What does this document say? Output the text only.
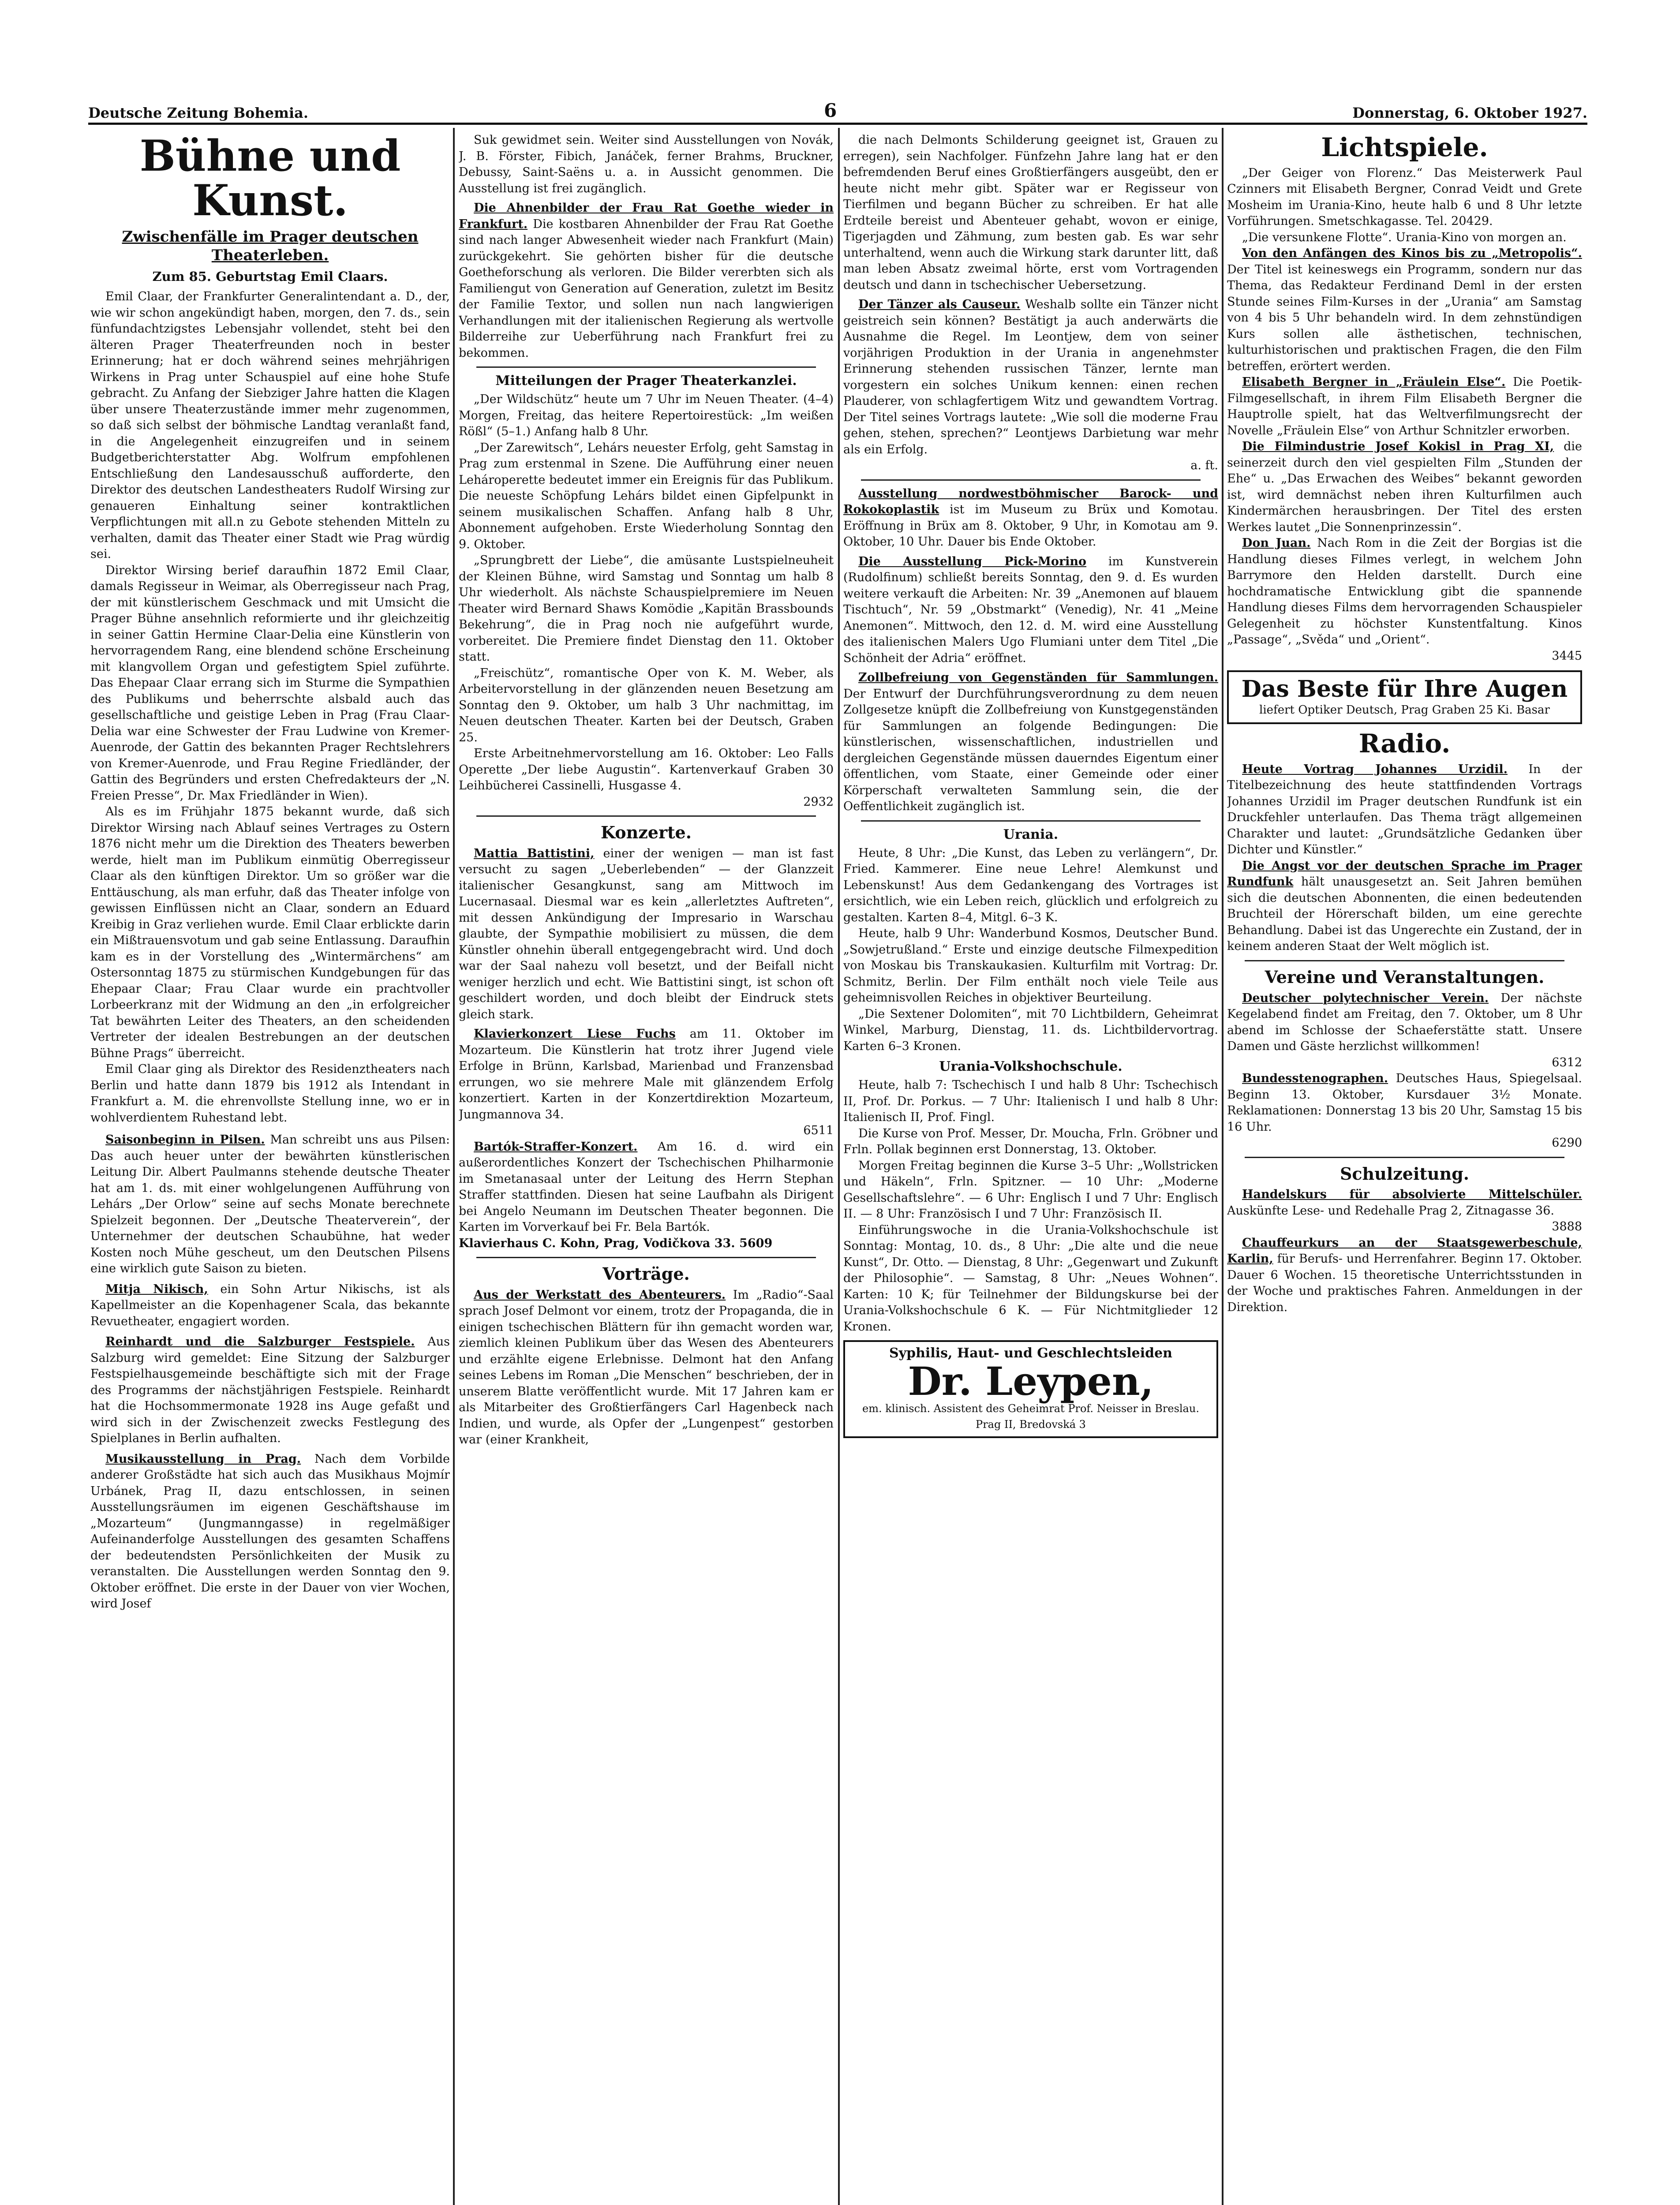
Deutsche Zeitung Bohemia.	6	Donnerstag, 6. Oktober 1927.
Bühne und Kunst.
Zwischenfälle im Prager deutschen Theaterleben.
Zum 85. Geburtstag Emil Claars.

Emil Claar, der Frankfurter Generalintendant a. D., der, wie wir schon angekündigt haben, morgen, den 7. ds., sein fünfundachtzigstes Lebensjahr vollendet, steht bei den älteren Prager Theaterfreunden noch in bester Erinnerung; hat er doch während seines mehrjährigen Wirkens in Prag unter Schauspiel auf eine hohe Stufe gebracht. Zu Anfang der Siebziger Jahre hatten die Klagen über unsere Theaterzustände immer mehr zugenommen, so daß sich selbst der böhmische Landtag veranlaßt fand, in die Angelegenheit einzugreifen und in seinem Budgetberichterstatter Abg. Wolfrum empfohlenen Entschließung den Landesausschuß aufforderte, den Direktor des deutschen Landestheaters Rudolf Wirsing zur genaueren Einhaltung seiner kontraktlichen Verpflichtungen mit all.n zu Gebote stehenden Mitteln zu verhalten, damit das Theater einer Stadt wie Prag würdig sei.

Direktor Wirsing berief daraufhin 1872 Emil Claar, damals Regisseur in Weimar, als Oberregisseur nach Prag, der mit künstlerischem Geschmack und mit Umsicht die Prager Bühne ansehnlich reformierte und ihr gleichzeitig in seiner Gattin Hermine Claar-Delia eine Künstlerin von hervorragendem Rang, eine blendend schöne Erscheinung mit klangvollem Organ und gefestigtem Spiel zuführte. Das Ehepaar Claar errang sich im Sturme die Sympathien des Publikums und beherrschte alsbald auch das gesellschaftliche und geistige Leben in Prag (Frau Claar-Delia war eine Schwester der Frau Ludwine von Kremer-Auenrode, der Gattin des bekannten Prager Rechtslehrers von Kremer-Auenrode, und Frau Regine Friedländer, der Gattin des Begründers und ersten Chefredakteurs der „N. Freien Presse“, Dr. Max Friedländer in Wien).

Als es im Frühjahr 1875 bekannt wurde, daß sich Direktor Wirsing nach Ablauf seines Vertrages zu Ostern 1876 nicht mehr um die Direktion des Theaters bewerben werde, hielt man im Publikum einmütig Oberregisseur Claar als den künftigen Direktor. Um so größer war die Enttäuschung, als man erfuhr, daß das Theater infolge von gewissen Einflüssen nicht an Claar, sondern an Eduard Kreibig in Graz verliehen wurde. Emil Claar erblickte darin ein Mißtrauensvotum und gab seine Entlassung. Daraufhin kam es in der Vorstellung des „Wintermärchens“ am Ostersonntag 1875 zu stürmischen Kundgebungen für das Ehepaar Claar; Frau Claar wurde ein prachtvoller Lorbeerkranz mit der Widmung an den „in erfolgreicher Tat bewährten Leiter des Theaters, an den scheidenden Vertreter der idealen Bestrebungen an der deutschen Bühne Prags“ überreicht.

Emil Claar ging als Direktor des Residenztheaters nach Berlin und hatte dann 1879 bis 1912 als Intendant in Frankfurt a. M. die ehrenvollste Stellung inne, wo er in wohlverdientem Ruhestand lebt.

Saisonbeginn in Pilsen. Man schreibt uns aus Pilsen: Das auch heuer unter der bewährten künstlerischen Leitung Dir. Albert Paulmanns stehende deutsche Theater hat am 1. ds. mit einer wohlgelungenen Aufführung von Lehárs „Der Orlow“ seine auf sechs Monate berechnete Spielzeit begonnen. Der „Deutsche Theaterverein“, der Unternehmer der deutschen Schaubühne, hat weder Kosten noch Mühe gescheut, um den Deutschen Pilsens eine wirklich gute Saison zu bieten.

Mitja Nikisch, ein Sohn Artur Nikischs, ist als Kapellmeister an die Kopenhagener Scala, das bekannte Revuetheater, engagiert worden.

Reinhardt und die Salzburger Festspiele. Aus Salzburg wird gemeldet: Eine Sitzung der Salzburger Festspielhausgemeinde beschäftigte sich mit der Frage des Programms der nächstjährigen Festspiele. Reinhardt hat die Hochsommermonate 1928 ins Auge gefaßt und wird sich in der Zwischenzeit zwecks Festlegung des Spielplanes in Berlin aufhalten.

Musikausstellung in Prag. Nach dem Vorbilde anderer Großstädte hat sich auch das Musikhaus Mojmír Urbánek, Prag II, dazu entschlossen, in seinen Ausstellungsräumen im eigenen Geschäftshause im „Mozarteum“ (Jungmanngasse) in regelmäßiger Aufeinanderfolge Ausstellungen des gesamten Schaffens der bedeutendsten Persönlichkeiten der Musik zu veranstalten. Die Ausstellungen werden Sonntag den 9. Oktober eröffnet. Die erste in der Dauer von vier Wochen, wird Josef

Suk gewidmet sein. Weiter sind Ausstellungen von Novák, J. B. Förster, Fibich, Janáček, ferner Brahms, Bruckner, Debussy, Saint-Saëns u. a. in Aussicht genommen. Die Ausstellung ist frei zugänglich.

Die Ahnenbilder der Frau Rat Goethe wieder in Frankfurt. Die kostbaren Ahnenbilder der Frau Rat Goethe sind nach langer Abwesenheit wieder nach Frankfurt (Main) zurückgekehrt. Sie gehörten bisher für die deutsche Goetheforschung als verloren. Die Bilder vererbten sich als Familiengut von Generation auf Generation, zuletzt im Besitz der Familie Textor, und sollen nun nach langwierigen Verhandlungen mit der italienischen Regierung als wertvolle Bilderreihe zur Ueberführung nach Frankfurt frei zu bekommen.

Mitteilungen der Prager Theaterkanzlei.

„Der Wildschütz“ heute um 7 Uhr im Neuen Theater. (4–4) Morgen, Freitag, das heitere Repertoirestück: „Im weißen Rößl“ (5–1.) Anfang halb 8 Uhr.

„Der Zarewitsch“, Lehárs neuester Erfolg, geht Samstag in Prag zum erstenmal in Szene. Die Aufführung einer neuen Lehároperette bedeutet immer ein Ereignis für das Publikum. Die neueste Schöpfung Lehárs bildet einen Gipfelpunkt in seinem musikalischen Schaffen. Anfang halb 8 Uhr, Abonnement aufgehoben. Erste Wiederholung Sonntag den 9. Oktober.

„Sprungbrett der Liebe“, die amüsante Lustspielneuheit der Kleinen Bühne, wird Samstag und Sonntag um halb 8 Uhr wiederholt. Als nächste Schauspielpremiere im Neuen Theater wird Bernard Shaws Komödie „Kapitän Brassbounds Bekehrung“, die in Prag noch nie aufgeführt wurde, vorbereitet. Die Premiere findet Dienstag den 11. Oktober statt.

„Freischütz“, romantische Oper von K. M. Weber, als Arbeitervorstellung in der glänzenden neuen Besetzung am Sonntag den 9. Oktober, um halb 3 Uhr nachmittag, im Neuen deutschen Theater. Karten bei der Deutsch, Graben 25.

Erste Arbeitnehmervorstellung am 16. Oktober: Leo Falls Operette „Der liebe Augustin“. Kartenverkauf Graben 30 Leihbücherei Cassinelli, Husgasse 4.

2932
Konzerte.

Mattia Battistini, einer der wenigen — man ist fast versucht zu sagen „Ueberlebenden“ — der Glanzzeit italienischer Gesangkunst, sang am Mittwoch im Lucernasaal. Diesmal war es kein „allerletztes Auftreten“, mit dessen Ankündigung der Impresario in Warschau glaubte, der Sympathie mobilisiert zu müssen, die dem Künstler ohnehin überall entgegengebracht wird. Und doch war der Saal nahezu voll besetzt, und der Beifall nicht weniger herzlich und echt. Wie Battistini singt, ist schon oft geschildert worden, und doch bleibt der Eindruck stets gleich stark.

Klavierkonzert Liese Fuchs am 11. Oktober im Mozarteum. Die Künstlerin hat trotz ihrer Jugend viele Erfolge in Brünn, Karlsbad, Marienbad und Franzensbad errungen, wo sie mehrere Male mit glänzendem Erfolg konzertiert. Karten in der Konzertdirektion Mozarteum, Jungmannova 34.

6511

Bartók-Straffer-Konzert. Am 16. d. wird ein außerordentliches Konzert der Tschechischen Philharmonie im Smetanasaal unter der Leitung des Herrn Stephan Straffer stattfinden. Diesen hat seine Laufbahn als Dirigent bei Angelo Neumann im Deutschen Theater begonnen. Die Karten im Vorverkauf bei Fr. Bela Bartók.

Klavierhaus C. Kohn, Prag, Vodičkova 33. 5609

Vorträge.

Aus der Werkstatt des Abenteurers. Im „Radio“-Saal sprach Josef Delmont vor einem, trotz der Propaganda, die in einigen tschechischen Blättern für ihn gemacht worden war, ziemlich kleinen Publikum über das Wesen des Abenteurers und erzählte eigene Erlebnisse. Delmont hat den Anfang seines Lebens im Roman „Die Menschen“ beschrieben, der in unserem Blatte veröffentlicht wurde. Mit 17 Jahren kam er als Mitarbeiter des Großtierfängers Carl Hagenbeck nach Indien, und wurde, als Opfer der „Lungenpest“ gestorben war (einer Krankheit,

die nach Delmonts Schilderung geeignet ist, Grauen zu erregen), sein Nachfolger. Fünfzehn Jahre lang hat er den befremdenden Beruf eines Großtierfängers ausgeübt, den er heute nicht mehr gibt. Später war er Regisseur von Tierfilmen und begann Bücher zu schreiben. Er hat alle Erdteile bereist und Abenteuer gehabt, wovon er einige, Tigerjagden und Zähmung, zum besten gab. Es war sehr unterhaltend, wenn auch die Wirkung stark darunter litt, daß man leben Absatz zweimal hörte, erst vom Vortragenden deutsch und dann in tschechischer Uebersetzung.

Der Tänzer als Causeur. Weshalb sollte ein Tänzer nicht geistreich sein können? Bestätigt ja auch anderwärts die Ausnahme die Regel. Im Leontjew, dem von seiner vorjährigen Produktion in der Urania in angenehmster Erinnerung stehenden russischen Tänzer, lernte man vorgestern ein solches Unikum kennen: einen rechen Plauderer, von schlagfertigem Witz und gewandtem Vortrag. Der Titel seines Vortrags lautete: „Wie soll die moderne Frau gehen, stehen, sprechen?“ Leontjews Darbietung war mehr als ein Erfolg.

a. ft.

Ausstellung nordwestböhmischer Barock- und Rokokoplastik ist im Museum zu Brüx und Komotau. Eröffnung in Brüx am 8. Oktober, 9 Uhr, in Komotau am 9. Oktober, 10 Uhr. Dauer bis Ende Oktober.

Die Ausstellung Pick-Morino im Kunstverein (Rudolfinum) schließt bereits Sonntag, den 9. d. Es wurden weitere verkauft die Arbeiten: Nr. 39 „Anemonen auf blauem Tischtuch“, Nr. 59 „Obstmarkt“ (Venedig), Nr. 41 „Meine Anemonen“. Mittwoch, den 12. d. M. wird eine Ausstellung des italienischen Malers Ugo Flumiani unter dem Titel „Die Schönheit der Adria“ eröffnet.

Zollbefreiung von Gegenständen für Sammlungen. Der Entwurf der Durchführungsverordnung zu dem neuen Zollgesetze knüpft die Zollbefreiung von Kunstgegenständen für Sammlungen an folgende Bedingungen: Die künstlerischen, wissenschaftlichen, industriellen und dergleichen Gegenstände müssen dauerndes Eigentum einer öffentlichen, vom Staate, einer Gemeinde oder einer Körperschaft verwalteten Sammlung sein, die der Oeffentlichkeit zugänglich ist.

Urania.

Heute, 8 Uhr: „Die Kunst, das Leben zu verlängern“, Dr. Fried. Kammerer. Eine neue Lehre! Alemkunst und Lebenskunst! Aus dem Gedankengang des Vortrages ist ersichtlich, wie ein Leben reich, glücklich und erfolgreich zu gestalten. Karten 8–4, Mitgl. 6–3 K.

Heute, halb 9 Uhr: Wanderbund Kosmos, Deutscher Bund. „Sowjetrußland.“ Erste und einzige deutsche Filmexpedition von Moskau bis Transkaukasien. Kulturfilm mit Vortrag: Dr. Schmitz, Berlin. Der Film enthält noch viele Teile aus geheimnisvollen Reiches in objektiver Beurteilung.

„Die Sextener Dolomiten“, mit 70 Lichtbildern, Geheimrat Winkel, Marburg, Dienstag, 11. ds. Lichtbildervortrag. Karten 6–3 Kronen.

Urania-Volkshochschule.

Heute, halb 7: Tschechisch I und halb 8 Uhr: Tschechisch II, Prof. Dr. Porkus. — 7 Uhr: Italienisch I und halb 8 Uhr: Italienisch II, Prof. Fingl.

Die Kurse von Prof. Messer, Dr. Moucha, Frln. Gröbner und Frln. Pollak beginnen erst Donnerstag, 13. Oktober.

Morgen Freitag beginnen die Kurse 3–5 Uhr: „Wollstricken und Häkeln“, Frln. Spitzner. — 10 Uhr: „Moderne Gesellschaftslehre“. — 6 Uhr: Englisch I und 7 Uhr: Englisch II. — 8 Uhr: Französisch I und 7 Uhr: Französisch II.

Einführungswoche in die Urania-Volkshochschule ist Sonntag: Montag, 10. ds., 8 Uhr: „Die alte und die neue Kunst“, Dr. Otto. — Dienstag, 8 Uhr: „Gegenwart und Zukunft der Philosophie“. — Samstag, 8 Uhr: „Neues Wohnen“. Karten: 10 K; für Teilnehmer der Bildungskurse bei der Urania-Volkshochschule 6 K. — Für Nichtmitglieder 12 Kronen.

Syphilis, Haut- und Geschlechtsleiden
Dr. Leypen,
em. klinisch. Assistent des Geheimrat Prof. Neisser in Breslau. Prag II, Bredovská 3
Lichtspiele.

„Der Geiger von Florenz.“ Das Meisterwerk Paul Czinners mit Elisabeth Bergner, Conrad Veidt und Grete Mosheim im Urania-Kino, heute halb 6 und 8 Uhr letzte Vorführungen. Smetschkagasse. Tel. 20429.

„Die versunkene Flotte“. Urania-Kino von morgen an.

Von den Anfängen des Kinos bis zu „Metropolis“. Der Titel ist keineswegs ein Programm, sondern nur das Thema, das Redakteur Ferdinand Deml in der ersten Stunde seines Film-Kurses in der „Urania“ am Samstag von 4 bis 5 Uhr behandeln wird. In dem zehnstündigen Kurs sollen alle ästhetischen, technischen, kulturhistorischen und praktischen Fragen, die den Film betreffen, erörtert werden.

Elisabeth Bergner in „Fräulein Else“. Die Poetik-Filmgesellschaft, in ihrem Film Elisabeth Bergner die Hauptrolle spielt, hat das Weltverfilmungsrecht der Novelle „Fräulein Else“ von Arthur Schnitzler erworben.

Die Filmindustrie Josef Kokisl in Prag XI, die seinerzeit durch den viel gespielten Film „Stunden der Ehe“ u. „Das Erwachen des Weibes“ bekannt geworden ist, wird demnächst neben ihren Kulturfilmen auch Kindermärchen herausbringen. Der Titel des ersten Werkes lautet „Die Sonnenprinzessin“.

Don Juan. Nach Rom in die Zeit der Borgias ist die Handlung dieses Filmes verlegt, in welchem John Barrymore den Helden darstellt. Durch eine hochdramatische Entwicklung gibt die spannende Handlung dieses Films dem hervorragenden Schauspieler Gelegenheit zu höchster Kunstentfaltung. Kinos „Passage“, „Svěda“ und „Orient“.

3445
Das Beste für Ihre Augen
liefert Optiker Deutsch, Prag Graben 25 Ki. Basar
Radio.

Heute Vortrag Johannes Urzidil. In der Titelbezeichnung des heute stattfindenden Vortrags Johannes Urzidil im Prager deutschen Rundfunk ist ein Druckfehler unterlaufen. Das Thema trägt allgemeinen Charakter und lautet: „Grundsätzliche Gedanken über Dichter und Künstler.“

Die Angst vor der deutschen Sprache im Prager Rundfunk hält unausgesetzt an. Seit Jahren bemühen sich die deutschen Abonnenten, die einen bedeutenden Bruchteil der Hörerschaft bilden, um eine gerechte Behandlung. Dabei ist das Ungerechte ein Zustand, der in keinem anderen Staat der Welt möglich ist.

Vereine und Veranstaltungen.

Deutscher polytechnischer Verein. Der nächste Kegelabend findet am Freitag, den 7. Oktober, um 8 Uhr abend im Schlosse der Schaeferstätte statt. Unsere Damen und Gäste herzlichst willkommen!

6312

Bundesstenographen. Deutsches Haus, Spiegelsaal. Beginn 13. Oktober, Kursdauer 3½ Monate. Reklamationen: Donnerstag 13 bis 20 Uhr, Samstag 15 bis 16 Uhr.

6290
Schulzeitung.

Handelskurs für absolvierte Mittelschüler. Auskünfte Lese- und Redehalle Prag 2, Zitnagasse 36.

3888

Chauffeurkurs an der Staatsgewerbeschule, Karlin, für Berufs- und Herrenfahrer. Beginn 17. Oktober. Dauer 6 Wochen. 15 theoretische Unterrichtsstunden in der Woche und praktisches Fahren. Anmeldungen in der Direktion.
